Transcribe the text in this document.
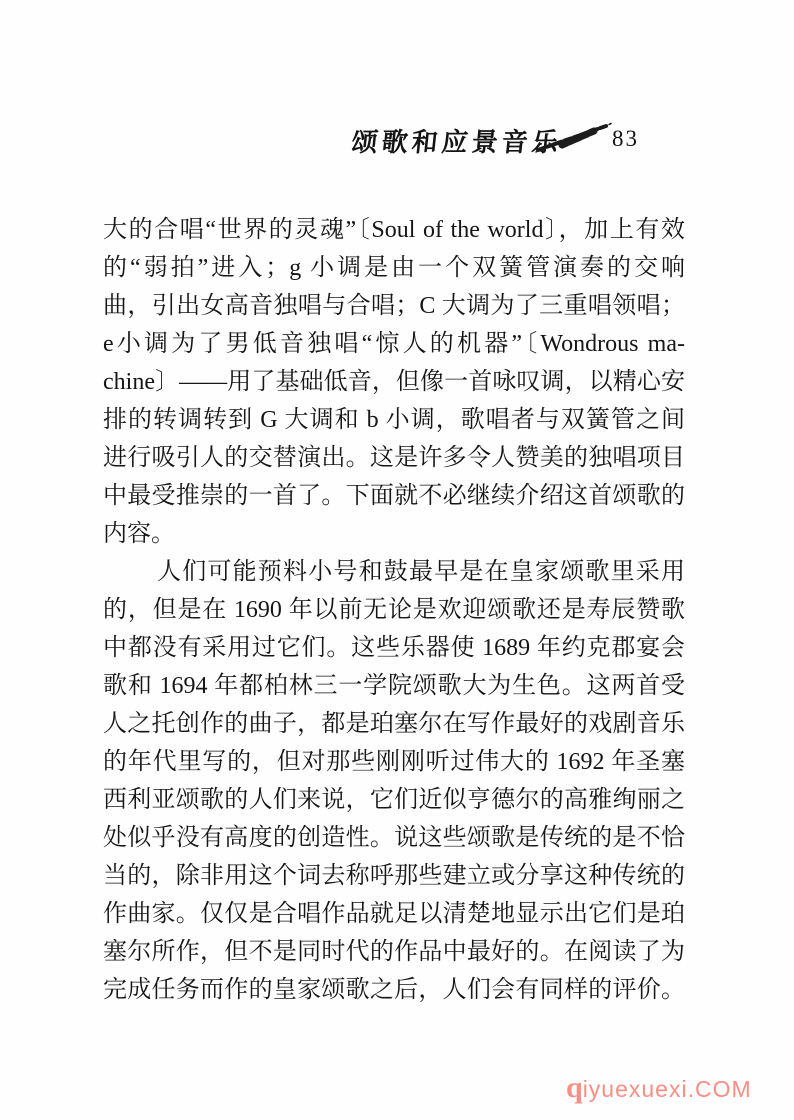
颂歌和应景音乐 83
大的合唱“世界的灵魂”〔Soul of the world〕，加上有效
的“弱拍”进入；g 小调是由一个双簧管演奏的交响
曲，引出女高音独唱与合唱；C 大调为了三重唱领唱；
e小调为了男低音独唱“惊人的机器”〔Wondrous ma-
chine〕——用了基础低音，但像一首咏叹调，以精心安
排的转调转到 G 大调和 b 小调，歌唱者与双簧管之间
进行吸引人的交替演出。这是许多令人赞美的独唱项目
中最受推崇的一首了。下面就不必继续介绍这首颂歌的
内容。
人们可能预料小号和鼓最早是在皇家颂歌里采用
的，但是在 1690 年以前无论是欢迎颂歌还是寿辰赞歌
中都没有采用过它们。这些乐器使 1689 年约克郡宴会
歌和 1694 年都柏林三一学院颂歌大为生色。这两首受
人之托创作的曲子，都是珀塞尔在写作最好的戏剧音乐
的年代里写的，但对那些刚刚听过伟大的 1692 年圣塞
西利亚颂歌的人们来说，它们近似亨德尔的高雅绚丽之
处似乎没有高度的创造性。说这些颂歌是传统的是不恰
当的，除非用这个词去称呼那些建立或分享这种传统的
作曲家。仅仅是合唱作品就足以清楚地显示出它们是珀
塞尔所作，但不是同时代的作品中最好的。在阅读了为
完成任务而作的皇家颂歌之后，人们会有同样的评价。
qiyuexuexi.COM
